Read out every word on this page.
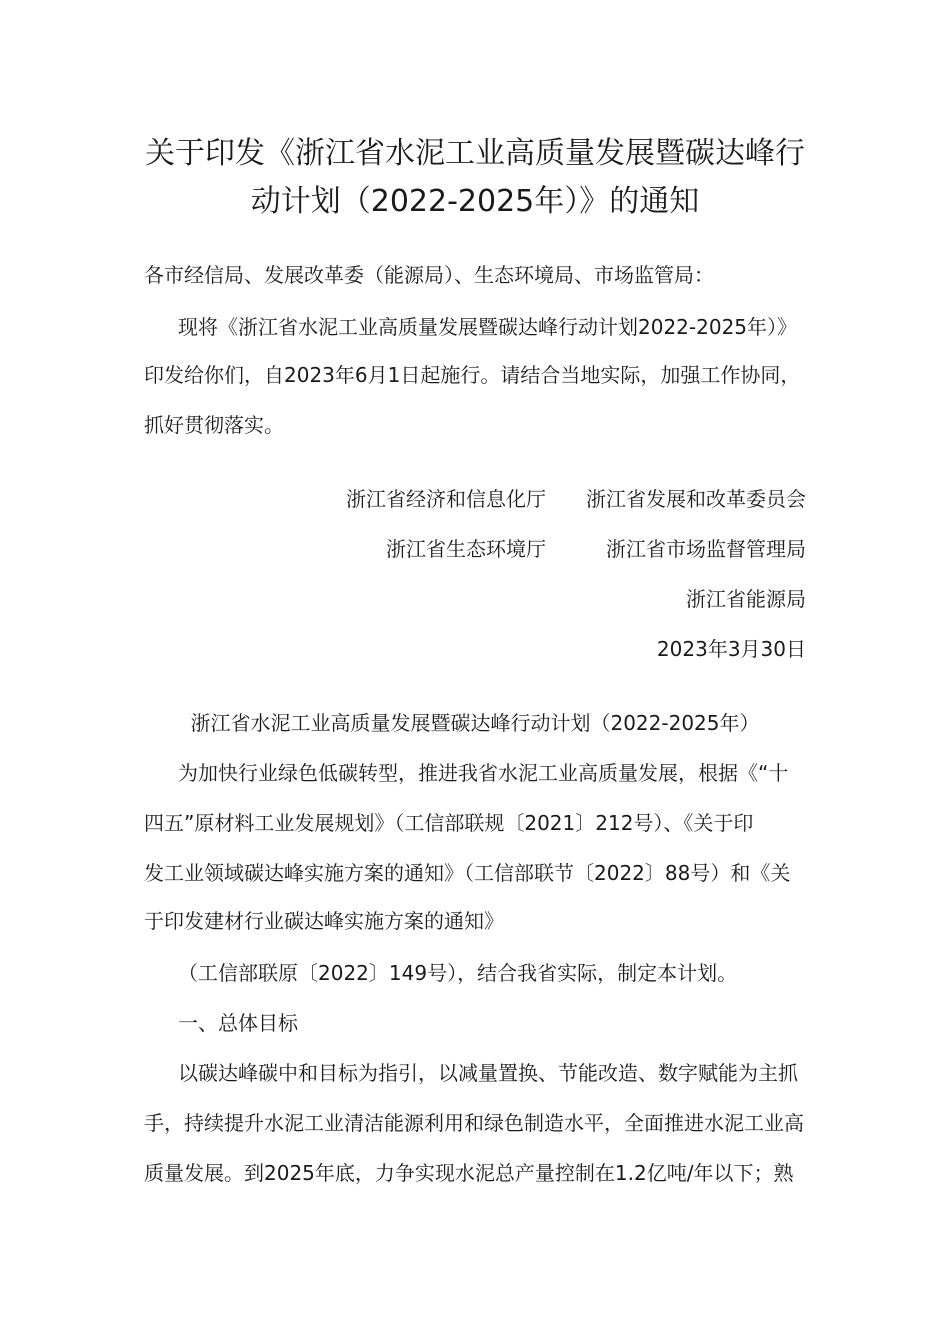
关于印发《浙江省水泥工业高质量发展暨碳达峰行
动计划（2022-2025年）》的通知
各市经信局、发展改革委（能源局）、生态环境局、市场监管局：
现将《浙江省水泥工业高质量发展暨碳达峰行动计划2022-2025年）》
印发给你们，自2023年6月1日起施行。请结合当地实际，加强工作协同，
抓好贯彻落实。
浙江省经济和信息化厅 浙江省发展和改革委员会
浙江省生态环境厅	浙江省市场监督管理局
浙江省能源局
2023年3月30日
浙江省水泥工业高质量发展暨碳达峰行动计划（2022-2025年）
为加快行业绿色低碳转型，推进我省水泥工业高质量发展，根据《“十
四五”原材料工业发展规划》（工信部联规〔2021〕212号）、《关于印
发工业领域碳达峰实施方案的通知》（工信部联节〔2022〕88号）和《关
于印发建材行业碳达峰实施方案的通知》
（工信部联原〔2022〕149号），结合我省实际，制定本计划。
一、总体目标
以碳达峰碳中和目标为指引，以减量置换、节能改造、数字赋能为主抓
手，持续提升水泥工业清洁能源利用和绿色制造水平，全面推进水泥工业高
质量发展。到2025年底，力争实现水泥总产量控制在1.2亿吨/年以下；熟
